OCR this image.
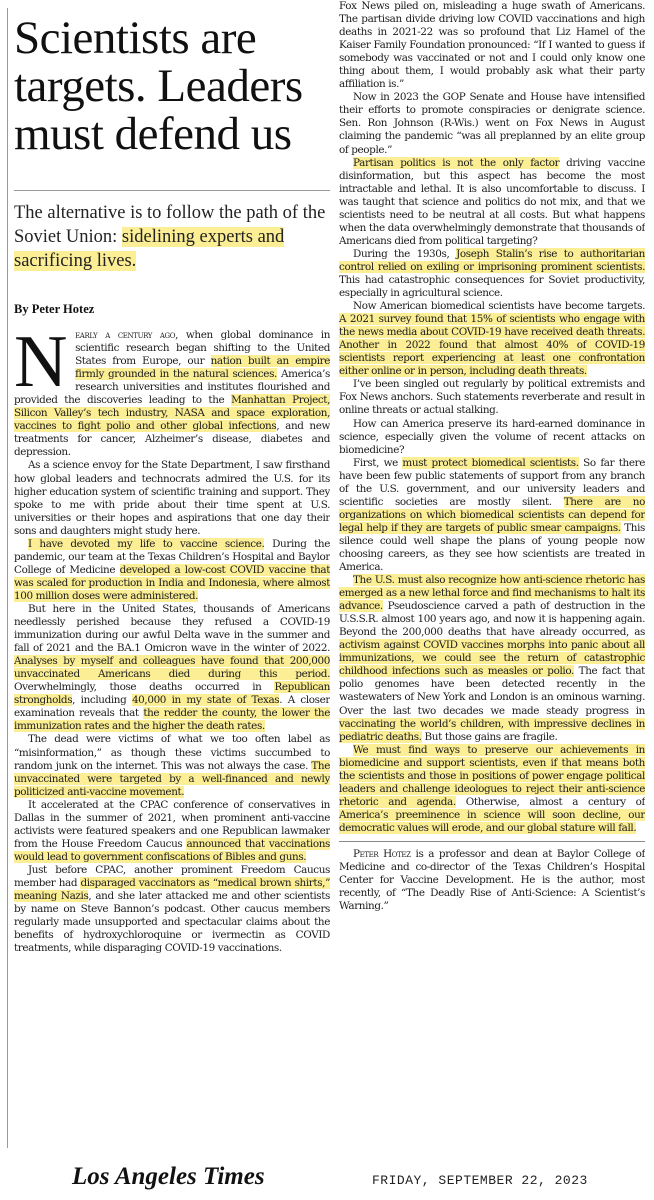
Scientists are targets. Leaders must defend us

The alternative is to follow the path of the Soviet Union: sidelining experts and sacrificing lives.

By Peter Hotez

Nearly a century ago, when global dominance in scientific research began shifting to the United States from Europe, our nation built an empire firmly grounded in the natural sciences. America’s research universities and institutes flourished and provided the discoveries leading to the Manhattan Project, Silicon Valley’s tech industry, NASA and space exploration, vaccines to fight polio and other global infections, and new treatments for cancer, Alzheimer’s disease, diabetes and depression.

As a science envoy for the State Department, I saw firsthand how global leaders and technocrats admired the U.S. for its higher education system of scientific training and support. They spoke to me with pride about their time spent at U.S. universities or their hopes and aspirations that one day their sons and daughters might study here.

I have devoted my life to vaccine science. During the pandemic, our team at the Texas Children’s Hospital and Baylor College of Medicine developed a low-cost COVID vaccine that was scaled for production in India and Indonesia, where almost 100 million doses were administered.

But here in the United States, thousands of Americans needlessly perished because they refused a COVID-19 immunization during our awful Delta wave in the summer and fall of 2021 and the BA.1 Omicron wave in the winter of 2022. Analyses by myself and colleagues have found that 200,000 unvaccinated Americans died during this period. Overwhelmingly, those deaths occurred in Republican strongholds, including 40,000 in my state of Texas. A closer examination reveals that the redder the county, the lower the immunization rates and the higher the death rates.

The dead were victims of what we too often label as “misinformation,” as though these victims succumbed to random junk on the internet. This was not always the case. The unvaccinated were targeted by a well-financed and newly politicized anti-vaccine movement.

It accelerated at the CPAC conference of conservatives in Dallas in the summer of 2021, when prominent anti-vaccine activists were featured speakers and one Republican lawmaker from the House Freedom Caucus announced that vaccinations would lead to government confiscations of Bibles and guns.

Just before CPAC, another prominent Freedom Caucus member had disparaged vaccinators as “medical brown shirts,” meaning Nazis, and she later attacked me and other scientists by name on Steve Bannon’s podcast. Other caucus members regularly made unsupported and spectacular claims about the benefits of hydroxychloroquine or ivermectin as COVID treatments, while disparaging COVID-19 vaccinations.

Fox News piled on, misleading a huge swath of Americans. The partisan divide driving low COVID vaccinations and high deaths in 2021-22 was so profound that Liz Hamel of the Kaiser Family Foundation pronounced: “If I wanted to guess if somebody was vaccinated or not and I could only know one thing about them, I would probably ask what their party affiliation is.”

Now in 2023 the GOP Senate and House have intensified their efforts to promote conspiracies or denigrate science. Sen. Ron Johnson (R-Wis.) went on Fox News in August claiming the pandemic “was all preplanned by an elite group of people.”

Partisan politics is not the only factor driving vaccine disinformation, but this aspect has become the most intractable and lethal. It is also uncomfortable to discuss. I was taught that science and politics do not mix, and that we scientists need to be neutral at all costs. But what happens when the data overwhelmingly demonstrate that thousands of Americans died from political targeting?

During the 1930s, Joseph Stalin’s rise to authoritarian control relied on exiling or imprisoning prominent scientists. This had catastrophic consequences for Soviet productivity, especially in agricultural science.

Now American biomedical scientists have become targets. A 2021 survey found that 15% of scientists who engage with the news media about COVID-19 have received death threats. Another in 2022 found that almost 40% of COVID-19 scientists report experiencing at least one confrontation either online or in person, including death threats.

I’ve been singled out regularly by political extremists and Fox News anchors. Such statements reverberate and result in online threats or actual stalking.

How can America preserve its hard-earned dominance in science, especially given the volume of recent attacks on biomedicine?

First, we must protect biomedical scientists. So far there have been few public statements of support from any branch of the U.S. government, and our university leaders and scientific societies are mostly silent. There are no organizations on which biomedical scientists can depend for legal help if they are targets of public smear campaigns. This silence could well shape the plans of young people now choosing careers, as they see how scientists are treated in America.

The U.S. must also recognize how anti-science rhetoric has emerged as a new lethal force and find mechanisms to halt its advance. Pseudoscience carved a path of destruction in the U.S.S.R. almost 100 years ago, and now it is happening again. Beyond the 200,000 deaths that have already occurred, as activism against COVID vaccines morphs into panic about all immunizations, we could see the return of catastrophic childhood infections such as measles or polio. The fact that polio genomes have been detected recently in the wastewaters of New York and London is an ominous warning. Over the last two decades we made steady progress in vaccinating the world’s children, with impressive declines in pediatric deaths. But those gains are fragile.

We must find ways to preserve our achievements in biomedicine and support scientists, even if that means both the scientists and those in positions of power engage political leaders and challenge ideologues to reject their anti-science rhetoric and agenda. Otherwise, almost a century of America’s preeminence in science will soon decline, our democratic values will erode, and our global stature will fall.

Peter Hotez is a professor and dean at Baylor College of Medicine and co-director of the Texas Children’s Hospital Center for Vaccine Development. He is the author, most recently, of “The Deadly Rise of Anti-Science: A Scientist’s Warning.”

Los Angeles Times	FRIDAY, SEPTEMBER 22, 2023
